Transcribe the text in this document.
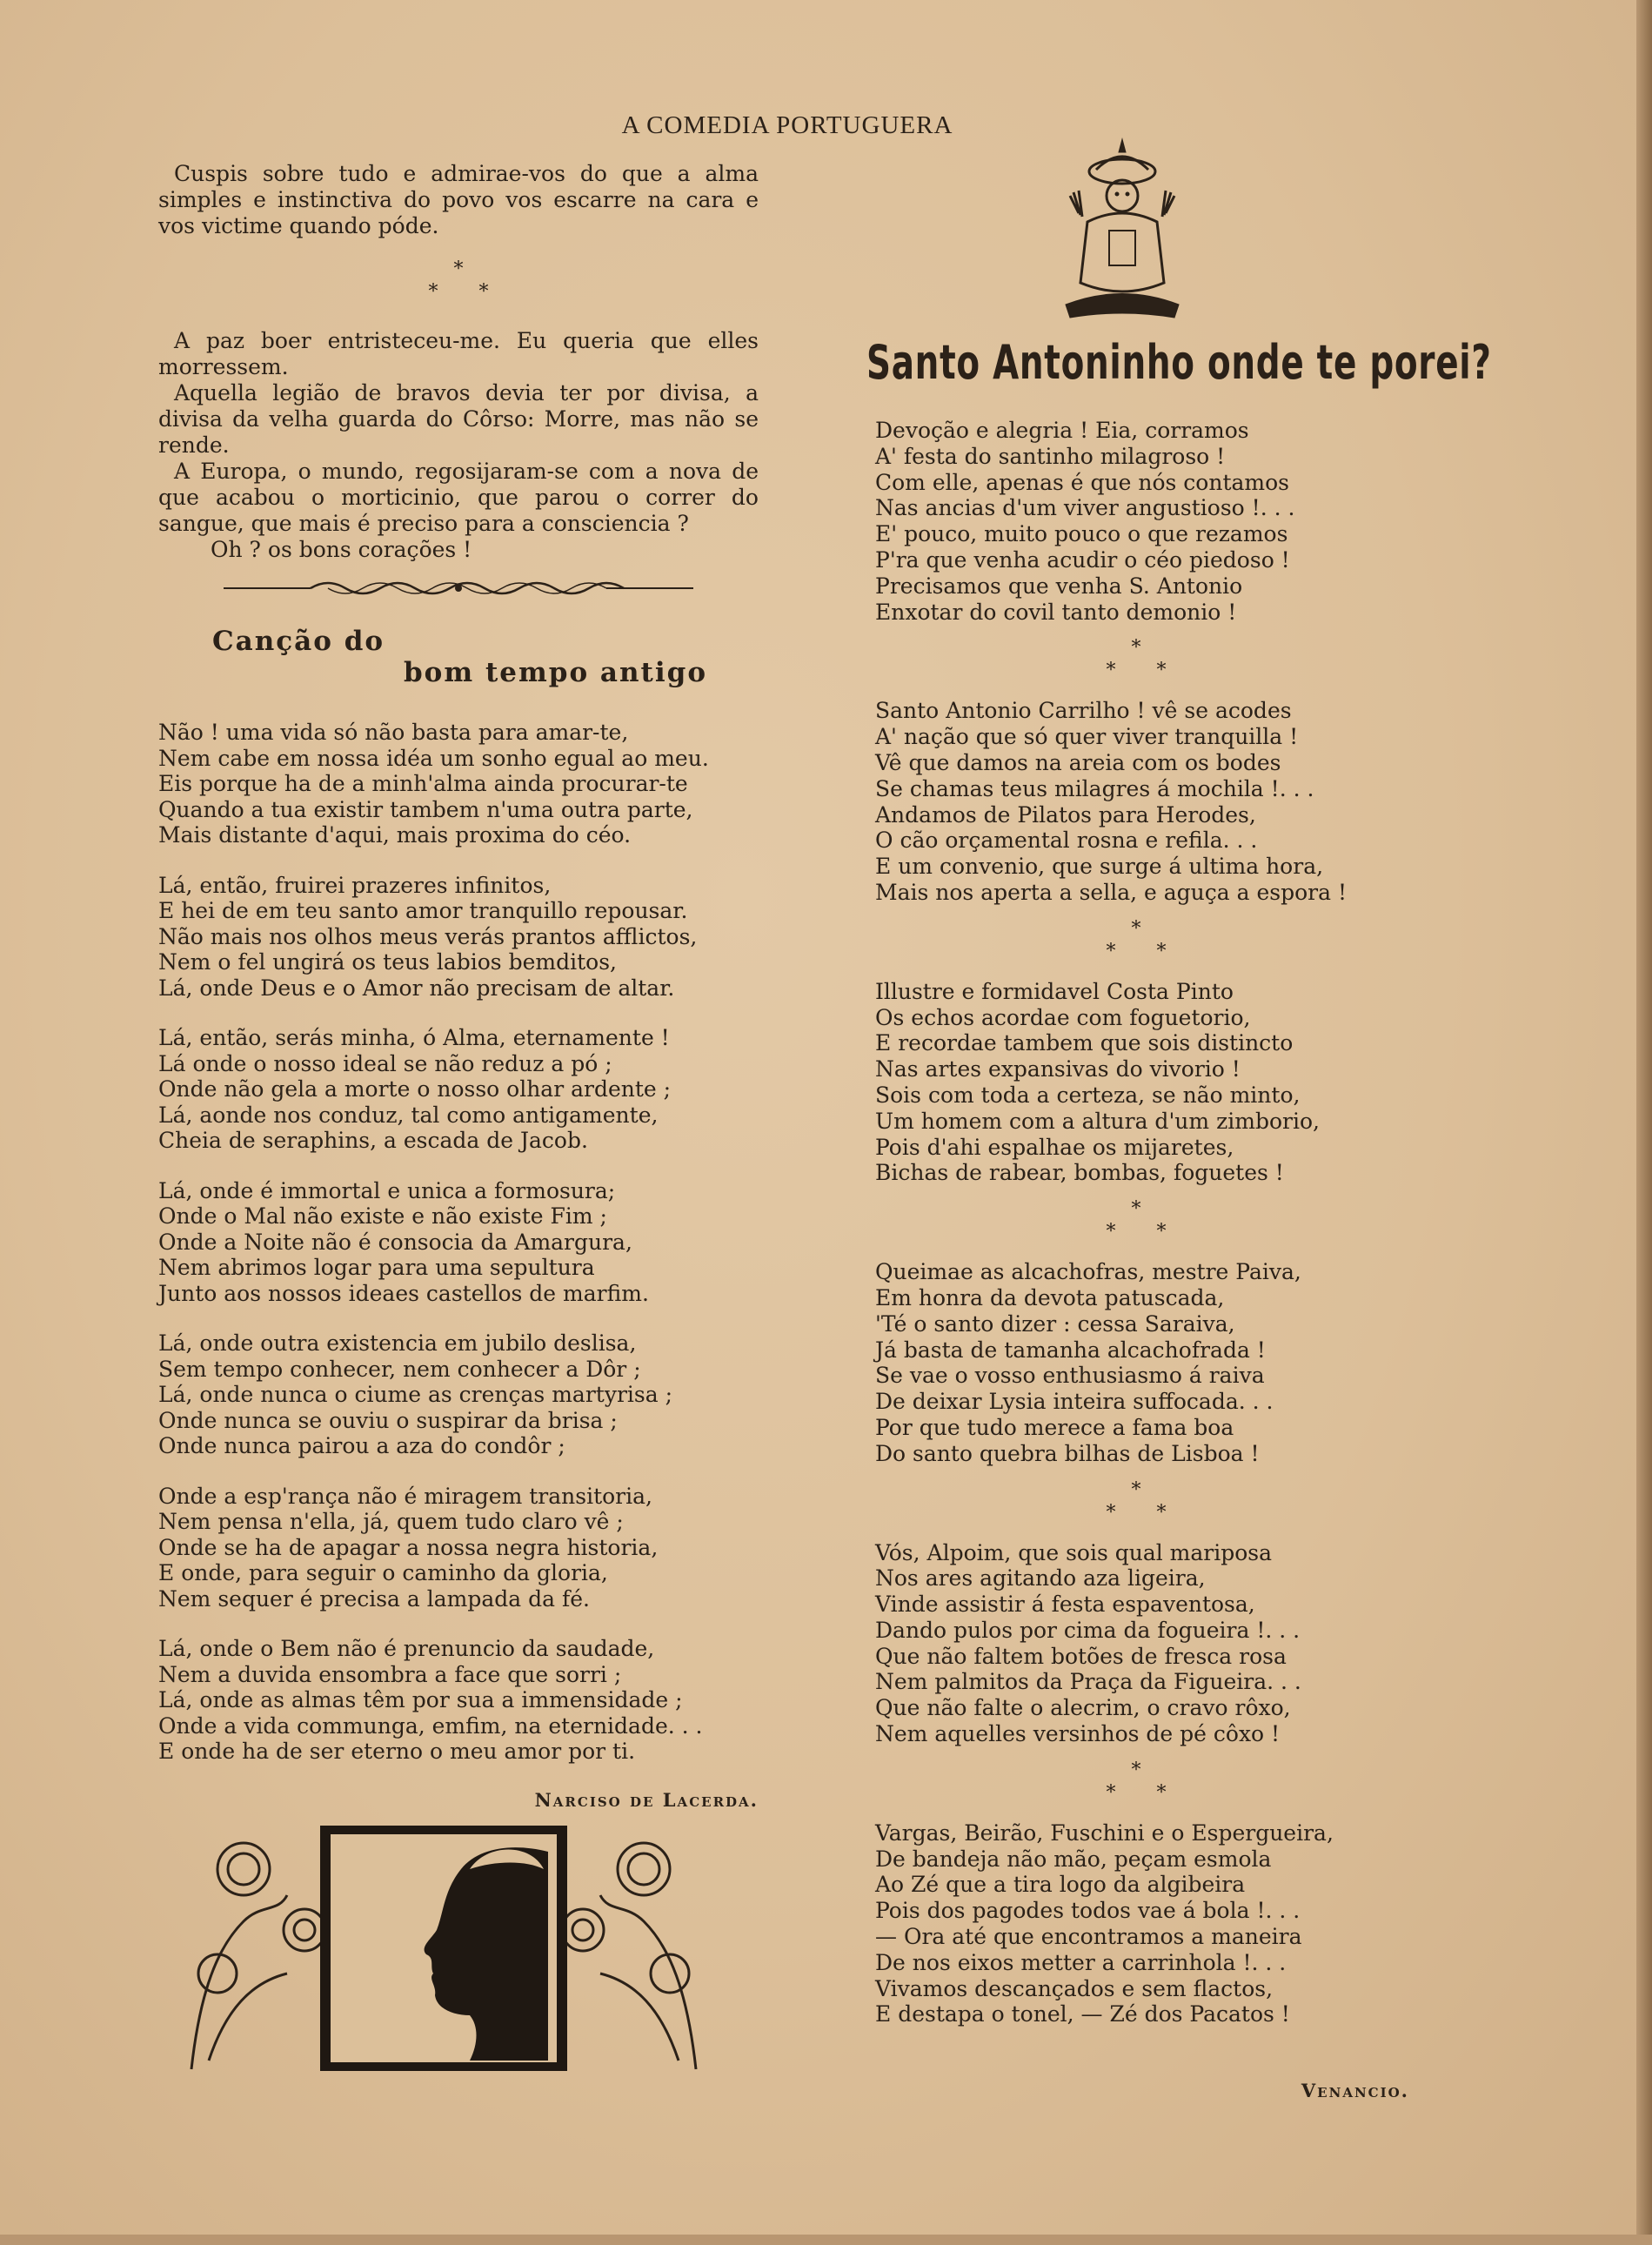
A COMEDIA PORTUGUERA

Cuspis sobre tudo e admirae-vos do que a alma simples e instinctiva do povo vos escarre na cara e vos victime quando póde.

*
* *

A paz boer entristeceu-me. Eu queria que elles morressem.

Aquella legião de bravos devia ter por divisa, a divisa da velha guarda do Côrso: Morre, mas não se rende.

A Europa, o mundo, regosijaram-se com a nova de que acabou o morticinio, que parou o correr do sangue, que mais é preciso para a consciencia ?

Oh ? os bons corações !

Canção do
bom tempo antigo
Não ! uma vida só não basta para amar-te,
Nem cabe em nossa idéa um sonho egual ao meu.
Eis porque ha de a minh'alma ainda procurar-te
Quando a tua existir tambem n'uma outra parte,
Mais distante d'aqui, mais proxima do céo.
Lá, então, fruirei prazeres infinitos,
E hei de em teu santo amor tranquillo repousar.
Não mais nos olhos meus verás prantos afflictos,
Nem o fel ungirá os teus labios bemditos,
Lá, onde Deus e o Amor não precisam de altar.
Lá, então, serás minha, ó Alma, eternamente !
Lá onde o nosso ideal se não reduz a pó ;
Onde não gela a morte o nosso olhar ardente ;
Lá, aonde nos conduz, tal como antigamente,
Cheia de seraphins, a escada de Jacob.
Lá, onde é immortal e unica a formosura;
Onde o Mal não existe e não existe Fim ;
Onde a Noite não é consocia da Amargura,
Nem abrimos logar para uma sepultura
Junto aos nossos ideaes castellos de marfim.
Lá, onde outra existencia em jubilo deslisa,
Sem tempo conhecer, nem conhecer a Dôr ;
Lá, onde nunca o ciume as crenças martyrisa ;
Onde nunca se ouviu o suspirar da brisa ;
Onde nunca pairou a aza do condôr ;
Onde a esp'rança não é miragem transitoria,
Nem pensa n'ella, já, quem tudo claro vê ;
Onde se ha de apagar a nossa negra historia,
E onde, para seguir o caminho da gloria,
Nem sequer é precisa a lampada da fé.
Lá, onde o Bem não é prenuncio da saudade,
Nem a duvida ensombra a face que sorri ;
Lá, onde as almas têm por sua a immensidade ;
Onde a vida communga, emfim, na eternidade. . .
E onde ha de ser eterno o meu amor por ti.
Narciso de Lacerda.
Santo Antoninho onde te porei?
Devoção e alegria ! Eia, corramos
A' festa do santinho milagroso !
Com elle, apenas é que nós contamos
Nas ancias d'um viver angustioso !. . .
E' pouco, muito pouco o que rezamos
P'ra que venha acudir o céo piedoso !
Precisamos que venha S. Antonio
Enxotar do covil tanto demonio !
*
* *
Santo Antonio Carrilho ! vê se acodes
A' nação que só quer viver tranquilla !
Vê que damos na areia com os bodes
Se chamas teus milagres á mochila !. . .
Andamos de Pilatos para Herodes,
O cão orçamental rosna e refila. . .
E um convenio, que surge á ultima hora,
Mais nos aperta a sella, e aguça a espora !
*
* *
Illustre e formidavel Costa Pinto
Os echos acordae com foguetorio,
E recordae tambem que sois distincto
Nas artes expansivas do vivorio !
Sois com toda a certeza, se não minto,
Um homem com a altura d'um zimborio,
Pois d'ahi espalhae os mijaretes,
Bichas de rabear, bombas, foguetes !
*
* *
Queimae as alcachofras, mestre Paiva,
Em honra da devota patuscada,
'Té o santo dizer : cessa Saraiva,
Já basta de tamanha alcachofrada !
Se vae o vosso enthusiasmo á raiva
De deixar Lysia inteira suffocada. . .
Por que tudo merece a fama boa
Do santo quebra bilhas de Lisboa !
*
* *
Vós, Alpoim, que sois qual mariposa
Nos ares agitando aza ligeira,
Vinde assistir á festa espaventosa,
Dando pulos por cima da fogueira !. . .
Que não faltem botões de fresca rosa
Nem palmitos da Praça da Figueira. . .
Que não falte o alecrim, o cravo rôxo,
Nem aquelles versinhos de pé côxo !
*
* *
Vargas, Beirão, Fuschini e o Espergueira,
De bandeja não mão, peçam esmola
Ao Zé que a tira logo da algibeira
Pois dos pagodes todos vae á bola !. . .
— Ora até que encontramos a maneira
De nos eixos metter a carrinhola !. . .
Vivamos descançados e sem flactos,
E destapa o tonel, — Zé dos Pacatos !
Venancio.
